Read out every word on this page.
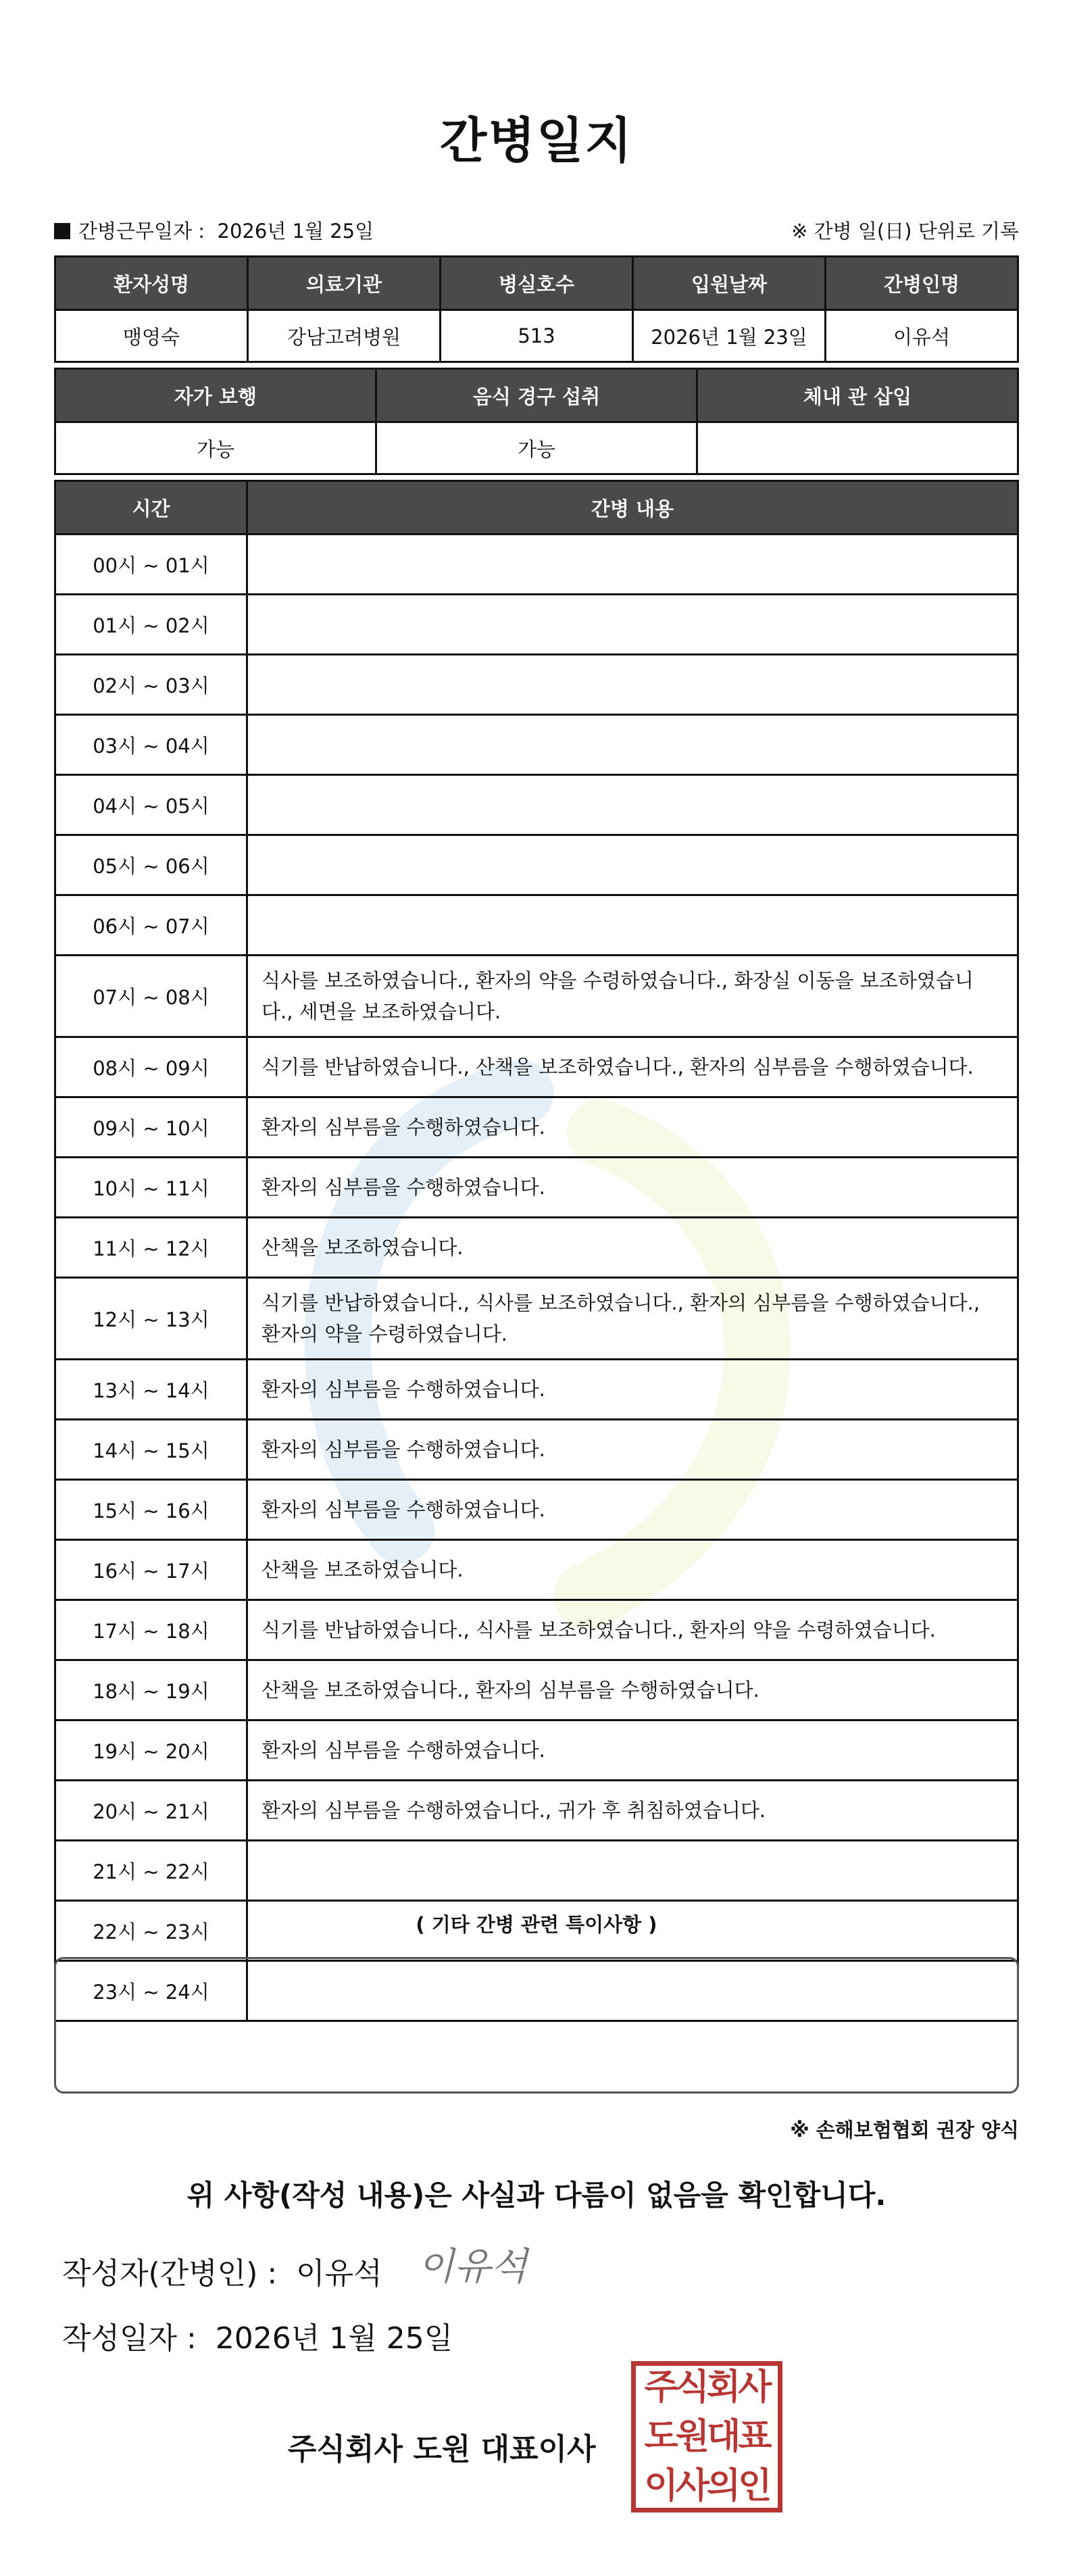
간병일지
간병근무일자 : 2026년 1월 25일	※ 간병 일(日) 단위로 기록
환자성명	의료기관	병실호수	입원날짜	간병인명
맹영숙	강남고려병원	513	2026년 1월 23일	이유석
자가 보행	음식 경구 섭취	체내 관 삽입
가능	가능	
시간	간병 내용
00시 ~ 01시	
01시 ~ 02시	
02시 ~ 03시	
03시 ~ 04시	
04시 ~ 05시	
05시 ~ 06시	
06시 ~ 07시	
07시 ~ 08시	식사를 보조하였습니다., 환자의 약을 수령하였습니다., 화장실 이동을 보조하였습니다., 세면을 보조하였습니다.
08시 ~ 09시	식기를 반납하였습니다., 산책을 보조하였습니다., 환자의 심부름을 수행하였습니다.
09시 ~ 10시	환자의 심부름을 수행하였습니다.
10시 ~ 11시	환자의 심부름을 수행하였습니다.
11시 ~ 12시	산책을 보조하였습니다.
12시 ~ 13시	식기를 반납하였습니다., 식사를 보조하였습니다., 환자의 심부름을 수행하였습니다., 환자의 약을 수령하였습니다.
13시 ~ 14시	환자의 심부름을 수행하였습니다.
14시 ~ 15시	환자의 심부름을 수행하였습니다.
15시 ~ 16시	환자의 심부름을 수행하였습니다.
16시 ~ 17시	산책을 보조하였습니다.
17시 ~ 18시	식기를 반납하였습니다., 식사를 보조하였습니다., 환자의 약을 수령하였습니다.
18시 ~ 19시	산책을 보조하였습니다., 환자의 심부름을 수행하였습니다.
19시 ~ 20시	환자의 심부름을 수행하였습니다.
20시 ~ 21시	환자의 심부름을 수행하였습니다., 귀가 후 취침하였습니다.
21시 ~ 22시	
22시 ~ 23시	
23시 ~ 24시	
( 기타 간병 관련 특이사항 )
※ 손해보험협회 권장 양식
위 사항(작성 내용)은 사실과 다름이 없음을 확인합니다.
작성자(간병인) : 이유석 이유석
작성일자 : 2026년 1월 25일
주식회사 도원 대표이사
주식회사
도원대표
이사의인
